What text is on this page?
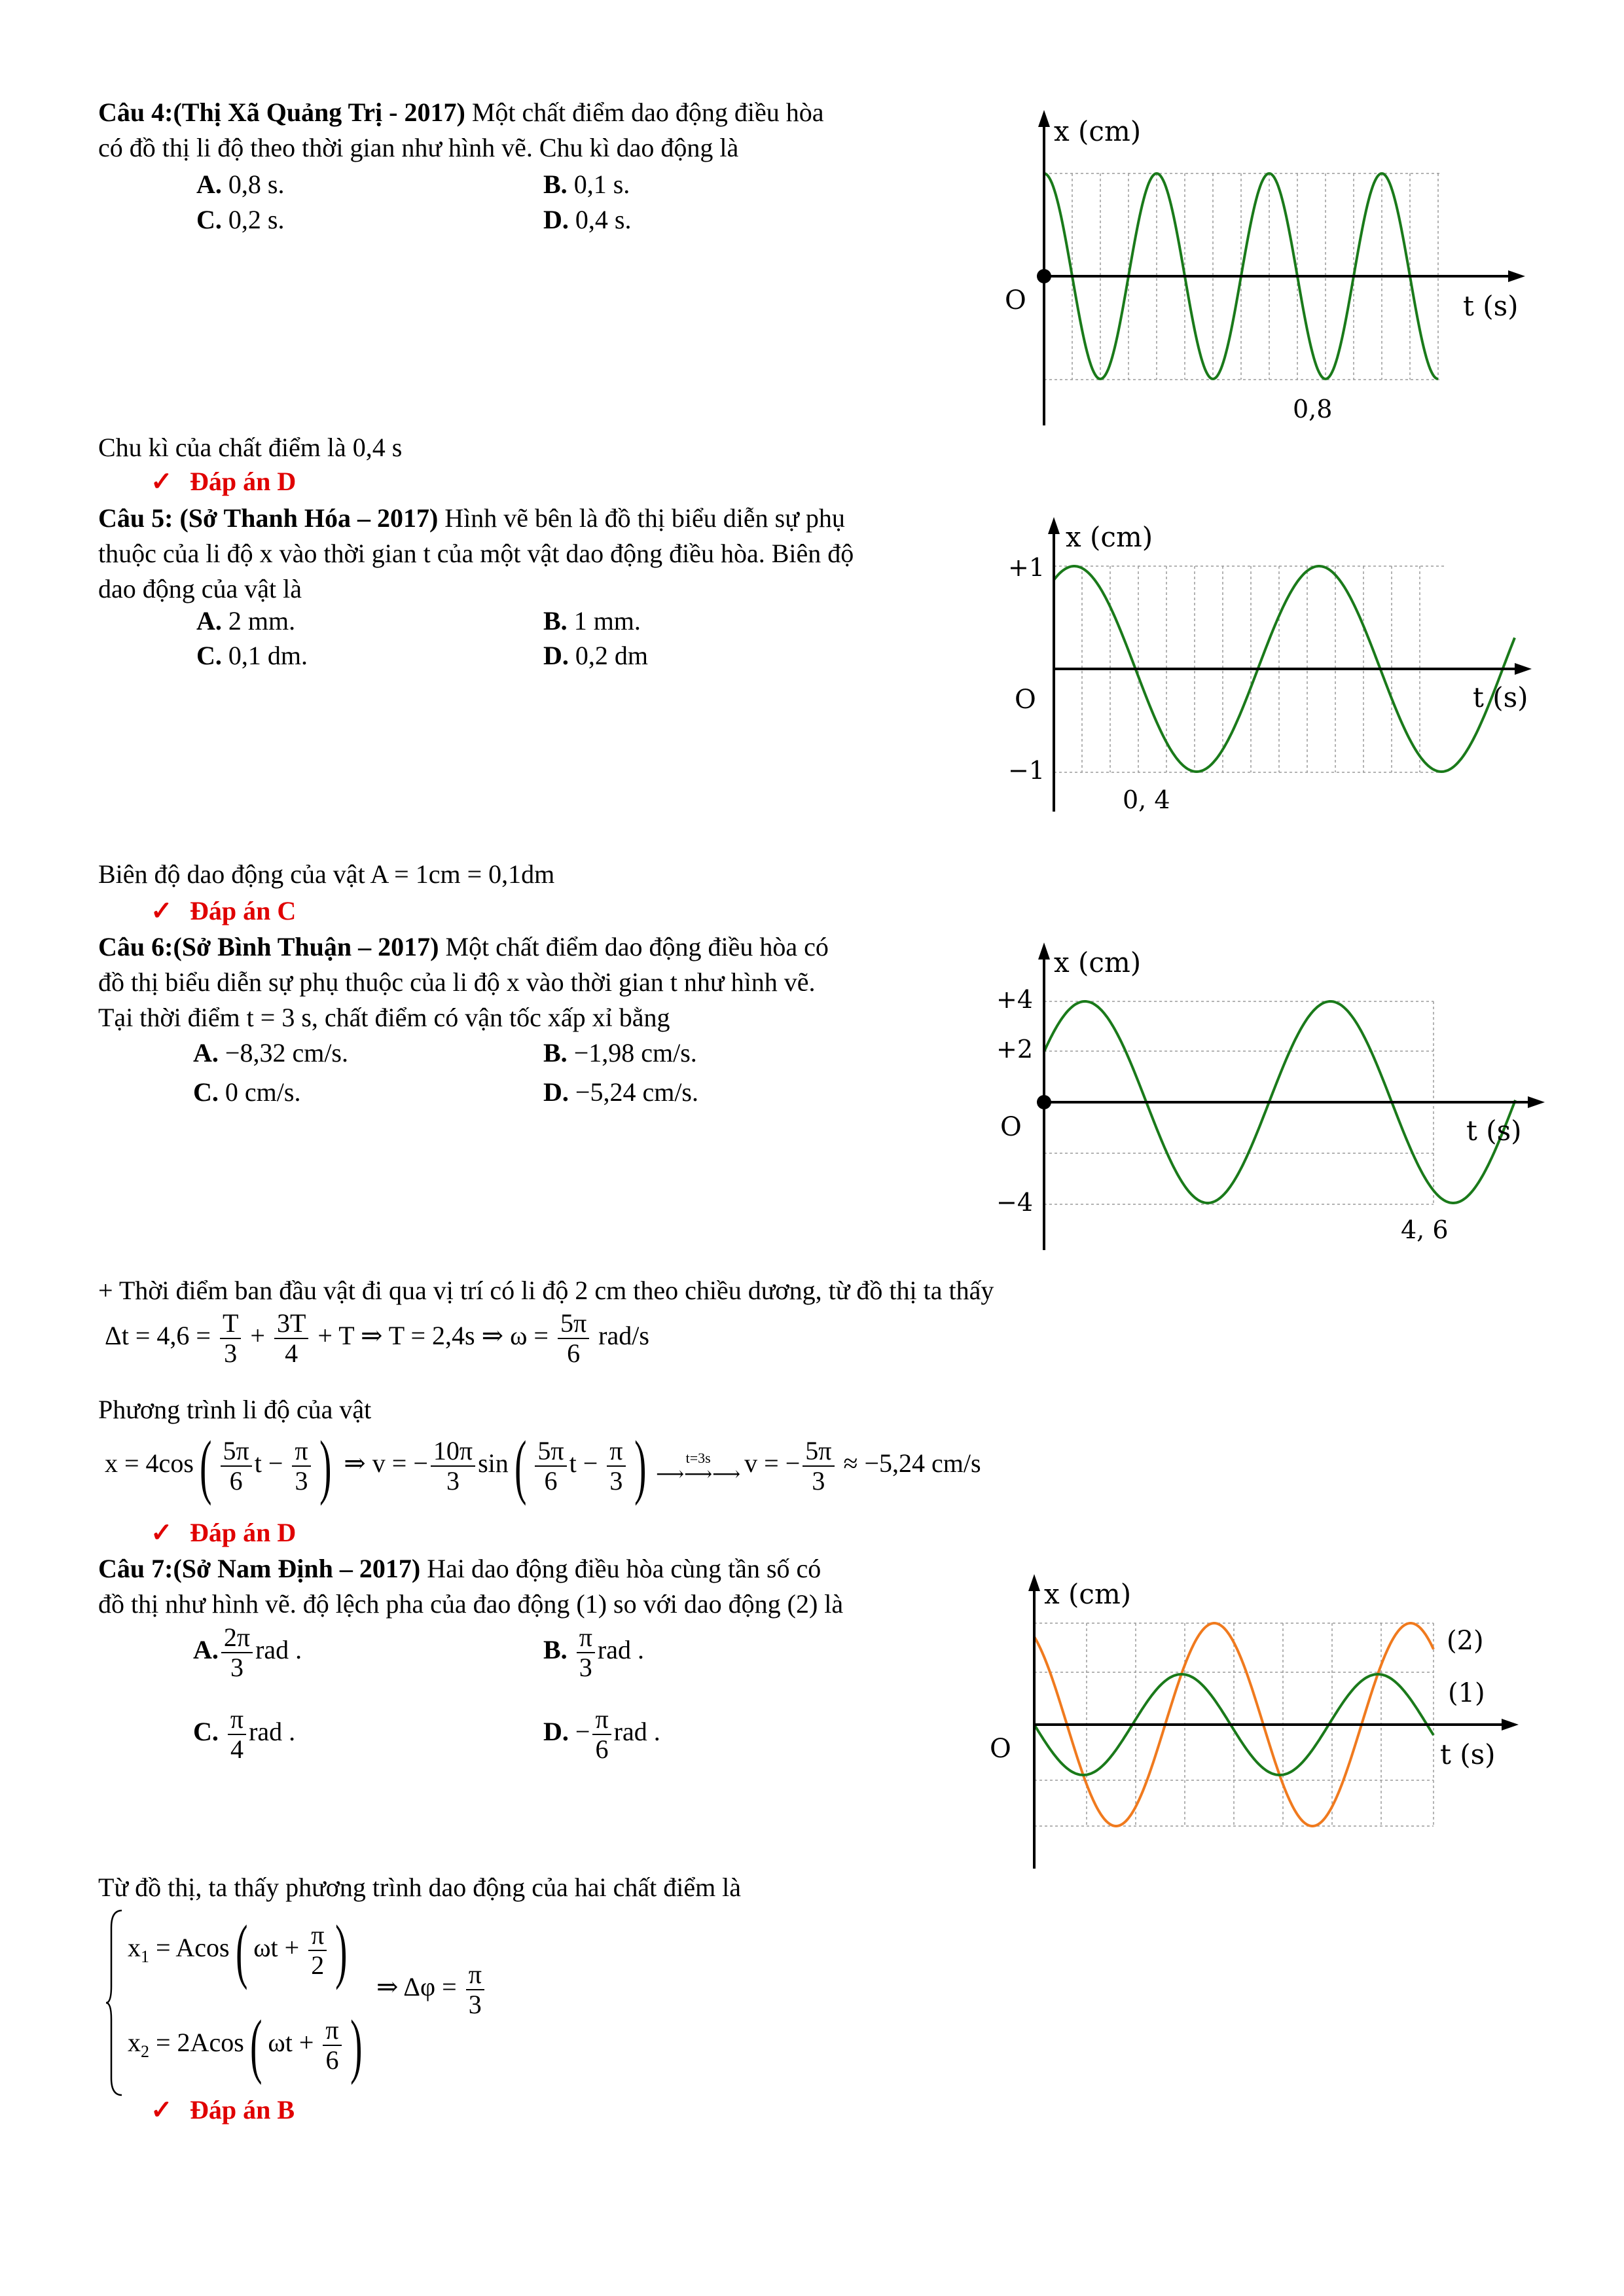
Câu 4:(Thị Xã Quảng Trị - 2017) Một chất điểm dao động điều hòa
có đồ thị li độ theo thời gian như hình vẽ. Chu kì dao động là
A. 0,8 s.	B. 0,1 s.
C. 0,2 s.	D. 0,4 s.
x (cm)
t (s)
O
0,8
Chu kì của chất điểm là 0,4 s
✓ Đáp án D
Câu 5: (Sở Thanh Hóa – 2017) Hình vẽ bên là đồ thị biểu diễn sự phụ
thuộc của li độ x vào thời gian t của một vật dao động điều hòa. Biên độ
dao động của vật là
A. 2 mm.	B. 1 mm.
C. 0,1 dm.	D. 0,2 dm
x (cm)
t (s)
O
+1
−1
0, 4
Biên độ dao động của vật A = 1cm = 0,1dm
✓ Đáp án C
Câu 6:(Sở Bình Thuận – 2017) Một chất điểm dao động điều hòa có
đồ thị biểu diễn sự phụ thuộc của li độ x vào thời gian t như hình vẽ.
Tại thời điểm t = 3 s, chất điểm có vận tốc xấp xỉ bằng
A. −8,32 cm/s.	B. −1,98 cm/s.
C. 0 cm/s.	D. −5,24 cm/s.
x (cm)
t (s)
O
+4
+2
−4
4, 6
+ Thời điểm ban đầu vật đi qua vị trí có li độ 2 cm theo chiều dương, từ đồ thị ta thấy
$\Delta t = 4,6 = \frac{T}{3} + \frac{3T}{4} + T$ ⇒ T = 2,4s ⇒ $\omega = \frac{5\pi}{6} rad/s$
Phương trình li độ của vật
$x = 4\cos( \frac{5\pi}{6}$ $t - \frac{\pi}{3}$ ) ⇒ v = − $\frac{10\pi}{3} \sin( \frac{5\pi}{6}$ $t - \frac{\pi}{3}$ )	t=3s
⟶⟶⟶ v = − $\frac{5\pi}{3} \approx -5,24$ cm/s
✓ Đáp án D
Câu 7:(Sở Nam Định – 2017) Hai dao động điều hòa cùng tần số có
đồ thị như hình vẽ. độ lệch pha của đao động (1) so với dao động (2) là
A. $\frac{2\pi}{3}$ rad .	B. $\frac{\pi}{3}$ rad .
C. $\frac{\pi}{4}$ rad .	D. − $\frac{\pi}{6}$ rad .
x (cm)
t (s)
O
(2)
(1)
Từ đồ thị, ta thấy phương trình dao động của hai chất điểm là
$x_1 = Acos$( $\omega t + \frac{\pi}{2}$ )
$x_2 = 2Acos$( $\omega t + \frac{\pi}{6}$ )
⇒ $\Delta\varphi = \frac{\pi}{3}$
✓ Đáp án B
